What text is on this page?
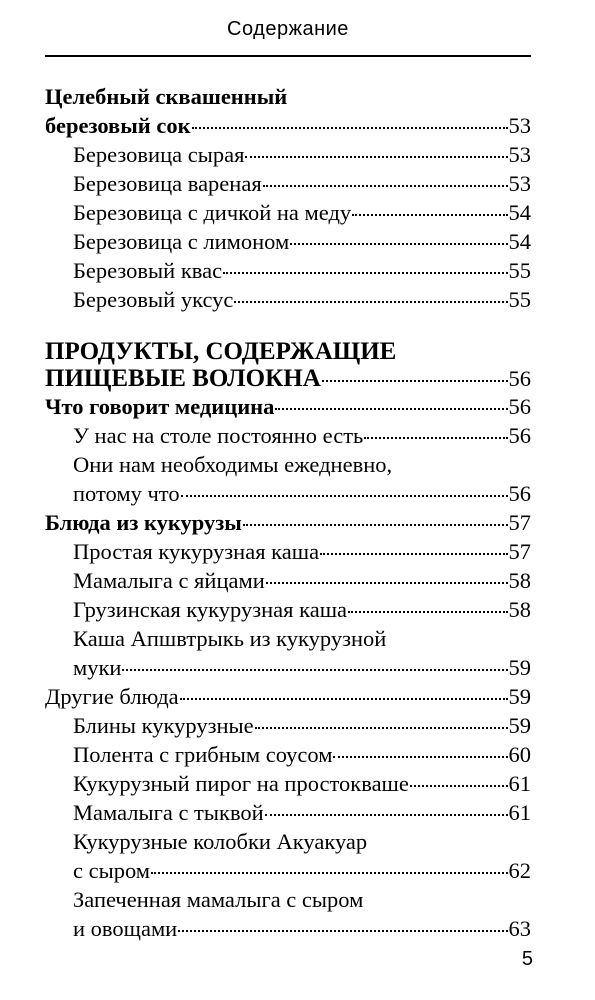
Содержание
Целебный сквашенный
березовый сок	53
Березовица сырая	53
Березовица вареная	53
Березовица с дичкой на меду	54
Березовица с лимоном	54
Березовый квас	55
Березовый уксус	55
ПРОДУКТЫ, СОДЕРЖАЩИЕ
ПИЩЕВЫЕ ВОЛОКНА	56
Что говорит медицина	56
У нас на столе постоянно есть	56
Они нам необходимы ежедневно,
потому что	56
Блюда из кукурузы	57
Простая кукурузная каша	57
Мамалыга с яйцами	58
Грузинская кукурузная каша	58
Каша Апшвтрыкь из кукурузной
муки	59
Другие блюда	59
Блины кукурузные	59
Полента с грибным соусом	60
Кукурузный пирог на простокваше	61
Мамалыга с тыквой	61
Кукурузные колобки Акуакуар
с сыром	62
Запеченная мамалыга с сыром
и овощами	63
5
